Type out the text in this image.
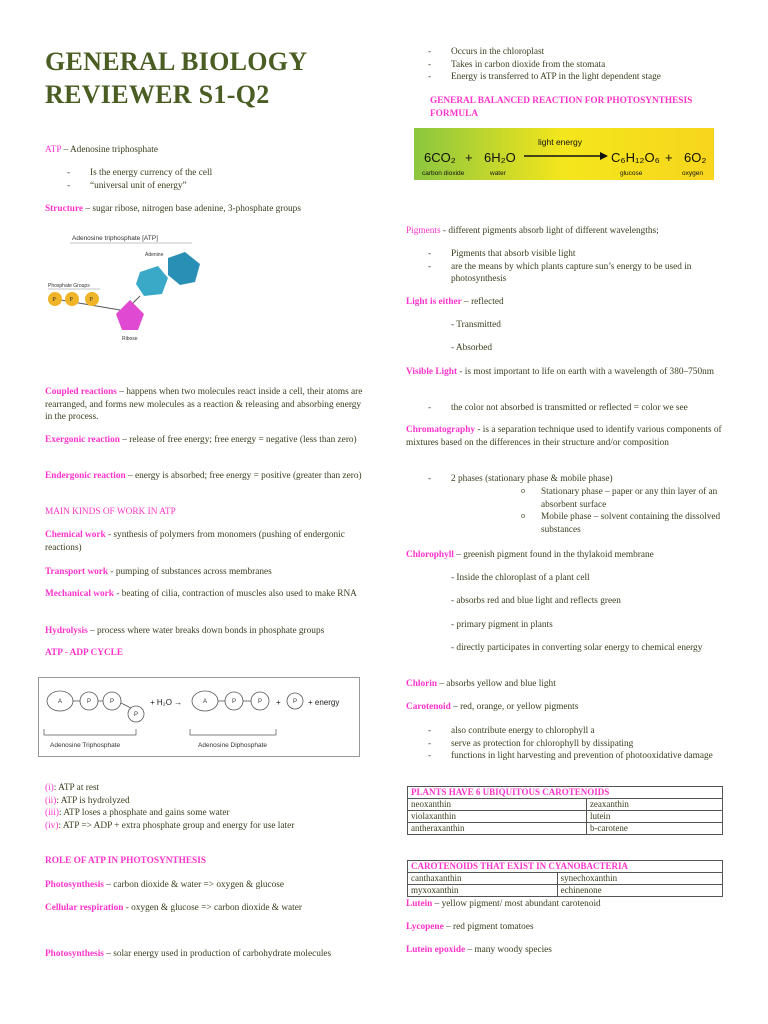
GENERAL BIOLOGY
REVIEWER S1-Q2
ATP – Adenosine triphosphate
- Is the energy currency of the cell
- “universal unit of energy”
Structure – sugar ribose, nitrogen base adenine, 3-phosphate groups
Adenosine triphosphate [ATP]
Adenine
Ribose
Phosphate Groups
P P	P
Coupled reactions – happens when two molecules react inside a cell, their atoms are rearranged, and forms new molecules as a reaction & releasing and absorbing energy in the process.
Exergonic reaction – release of free energy; free energy = negative (less than zero)
Endergonic reaction – energy is absorbed; free energy = positive (greater than zero)
MAIN KINDS OF WORK IN ATP
Chemical work - synthesis of polymers from monomers (pushing of endergonic reactions)
Transport work - pumping of substances across membranes
Mechanical work - beating of cilia, contraction of muscles also used to make RNA
Hydrolysis – process where water breaks down bonds in phosphate groups
ATP - ADP CYCLE
A	P	P
P
A	P	P	P
+ H₂O →	+	+ energy
Adenosine Triphosphate	Adenosine Diphosphate
(i): ATP at rest
(ii): ATP is hydrolyzed
(iii): ATP loses a phosphate and gains some water
(iv): ATP => ADP + extra phosphate group and energy for use later
ROLE OF ATP IN PHOTOSYNTHESIS
Photosynthesis – carbon dioxide & water => oxygen & glucose
Cellular respiration - oxygen & glucose => carbon dioxide & water
Photosynthesis – solar energy used in production of carbohydrate molecules
- Occurs in the chloroplast
- Takes in carbon dioxide from the stomata
- Energy is transferred to ATP in the light dependent stage
GENERAL BALANCED REACTION FOR PHOTOSYNTHESIS FORMULA
6CO₂ + 6H₂O
light energy
C₆H₁₂O₆ + 6O₂
carbon dioxide	water	glucose	oxygen
Pigments - different pigments absorb light of different wavelengths;
- Pigments that absorb visible light
- are the means by which plants capture sun’s energy to be used in photosynthesis
Light is either – reflected
- Transmitted
- Absorbed
Visible Light - is most important to life on earth with a wavelength of 380–750nm
- the color not absorbed is transmitted or reflected = color we see
Chromatography - is a separation technique used to identify various components of mixtures based on the differences in their structure and/or composition
- 2 phases (stationary phase & mobile phase)
o Stationary phase – paper or any thin layer of an absorbent surface
o Mobile phase – solvent containing the dissolved substances
Chlorophyll – greenish pigment found in the thylakoid membrane
- Inside the chloroplast of a plant cell
- absorbs red and blue light and reflects green
- primary pigment in plants
- directly participates in converting solar energy to chemical energy
Chlorin – absorbs yellow and blue light
Carotenoid – red, orange, or yellow pigments
- also contribute energy to chlorophyll a
- serve as protection for chlorophyll by dissipating
- functions in light harvesting and prevention of photooxidative damage
PLANTS HAVE 6 UBIQUITOUS CAROTENOIDS	
neoxanthin	zeaxanthin
violaxanthin	lutein
antheraxanthin	b-carotene
CAROTENOIDS THAT EXIST IN CYANOBACTERIA	
canthaxanthin	synechoxanthin
myxoxanthin	echinenone
Lutein – yellow pigment/ most abundant carotenoid
Lycopene – red pigment tomatoes
Lutein epoxide – many woody species
